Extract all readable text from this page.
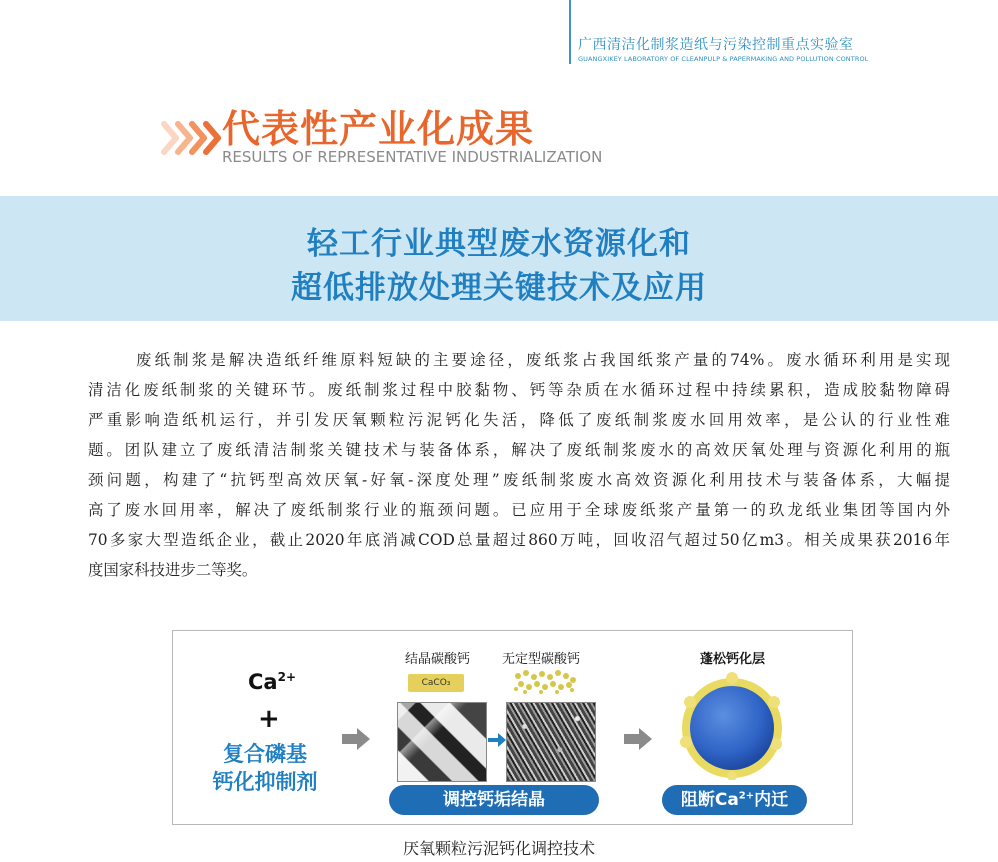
广西清洁化制浆造纸与污染控制重点实验室
GUANGXIKEY LABORATORY OF CLEANPULP & PAPERMAKING AND POLLUTION CONTROL
代表性产业化成果
RESULTS OF REPRESENTATIVE INDUSTRIALIZATION
轻工行业典型废水资源化和
超低排放处理关键技术及应用
废纸制浆是解决造纸纤维原料短缺的主要途径，废纸浆占我国纸浆产量的74%。废水循环利用是实现
清洁化废纸制浆的关键环节。废纸制浆过程中胶黏物、钙等杂质在水循环过程中持续累积，造成胶黏物障碍
严重影响造纸机运行，并引发厌氧颗粒污泥钙化失活，降低了废纸制浆废水回用效率，是公认的行业性难
题。团队建立了废纸清洁制浆关键技术与装备体系，解决了废纸制浆废水的高效厌氧处理与资源化利用的瓶
颈问题，构建了“抗钙型高效厌氧-好氧-深度处理”废纸制浆废水高效资源化利用技术与装备体系，大幅提
高了废水回用率，解决了废纸制浆行业的瓶颈问题。已应用于全球废纸浆产量第一的玖龙纸业集团等国内外
70多家大型造纸企业，截止2020年底消减COD总量超过860万吨，回收沼气超过50亿m3。相关成果获2016年
度国家科技进步二等奖。
$Ca^{2+}$
+
复合磷基
钙化抑制剂
结晶碳酸钙
CaCO₃
无定型碳酸钙
调控钙垢结晶
蓬松钙化层
阻断$Ca^{2+}$内迁
厌氧颗粒污泥钙化调控技术
